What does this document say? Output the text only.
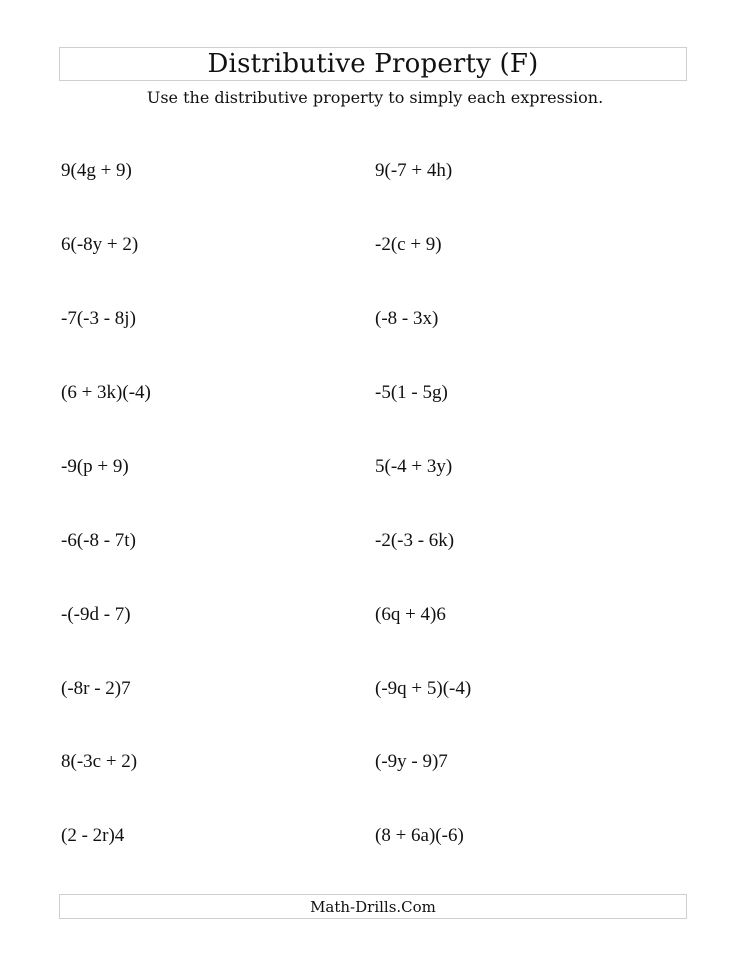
Distributive Property (F)
Use the distributive property to simply each expression.
9(4g + 9)
6(-8y + 2)
-7(-3 - 8j)
(6 + 3k)(-4)
-9(p + 9)
-6(-8 - 7t)
-(-9d - 7)
(-8r - 2)7
8(-3c + 2)
(2 - 2r)4
9(-7 + 4h)
-2(c + 9)
(-8 - 3x)
-5(1 - 5g)
5(-4 + 3y)
-2(-3 - 6k)
(6q + 4)6
(-9q + 5)(-4)
(-9y - 9)7
(8 + 6a)(-6)
Math-Drills.Com
